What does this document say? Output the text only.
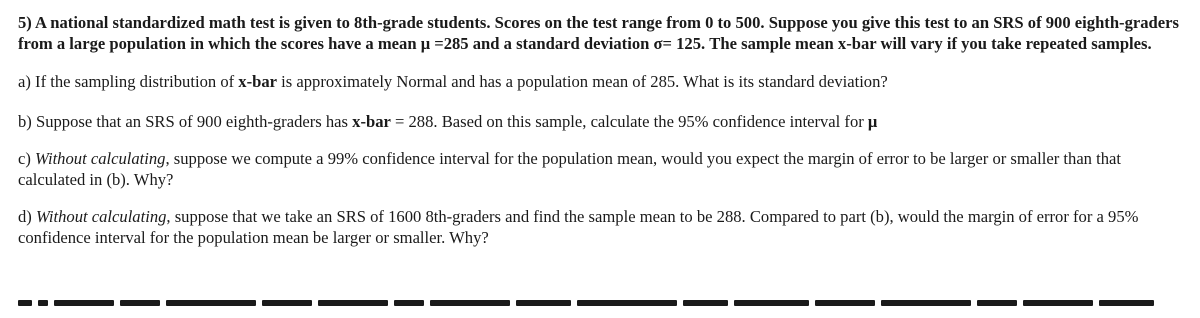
5) A national standardized math test is given to 8th-grade students. Scores on the test range from 0 to 500. Suppose you give this test to an SRS of 900 eighth-graders from a large population in which the scores have a mean μ =285 and a standard deviation σ= 125. The sample mean x-bar will vary if you take repeated samples.

a) If the sampling distribution of x-bar is approximately Normal and has a population mean of 285. What is its standard deviation?

b) Suppose that an SRS of 900 eighth-graders has x-bar = 288. Based on this sample, calculate the 95% confidence interval for μ

c) Without calculating, suppose we compute a 99% confidence interval for the population mean, would you expect the margin of error to be larger or smaller than that calculated in (b). Why?

d) Without calculating, suppose that we take an SRS of 1600 8th-graders and find the sample mean to be 288. Compared to part (b), would the margin of error for a 95% confidence interval for the population mean be larger or smaller. Why?
